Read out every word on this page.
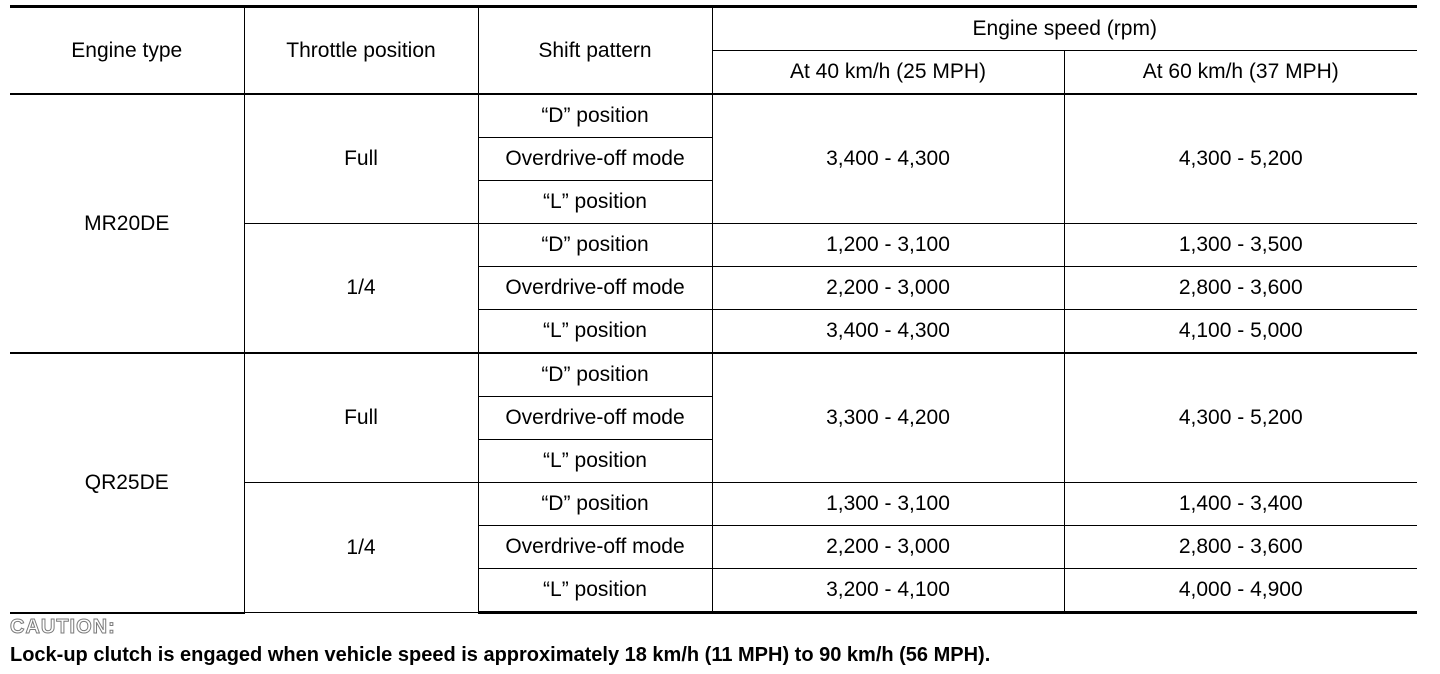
Engine type	Throttle position	Shift pattern	Engine speed (rpm)	
			At 40 km/h (25 MPH)	At 60 km/h (37 MPH)
MR20DE	Full	“D” position	3,400 - 4,300	4,300 - 5,200
		Overdrive-off mode		
		“L” position		
	1/4	“D” position	1,200 - 3,100	1,300 - 3,500
		Overdrive-off mode	2,200 - 3,000	2,800 - 3,600
		“L” position	3,400 - 4,300	4,100 - 5,000
QR25DE	Full	“D” position	3,300 - 4,200	4,300 - 5,200
		Overdrive-off mode		
		“L” position		
	1/4	“D” position	1,300 - 3,100	1,400 - 3,400
		Overdrive-off mode	2,200 - 3,000	2,800 - 3,600
		“L” position	3,200 - 4,100	4,000 - 4,900
CAUTION:
Lock-up clutch is engaged when vehicle speed is approximately 18 km/h (11 MPH) to 90 km/h (56 MPH).
